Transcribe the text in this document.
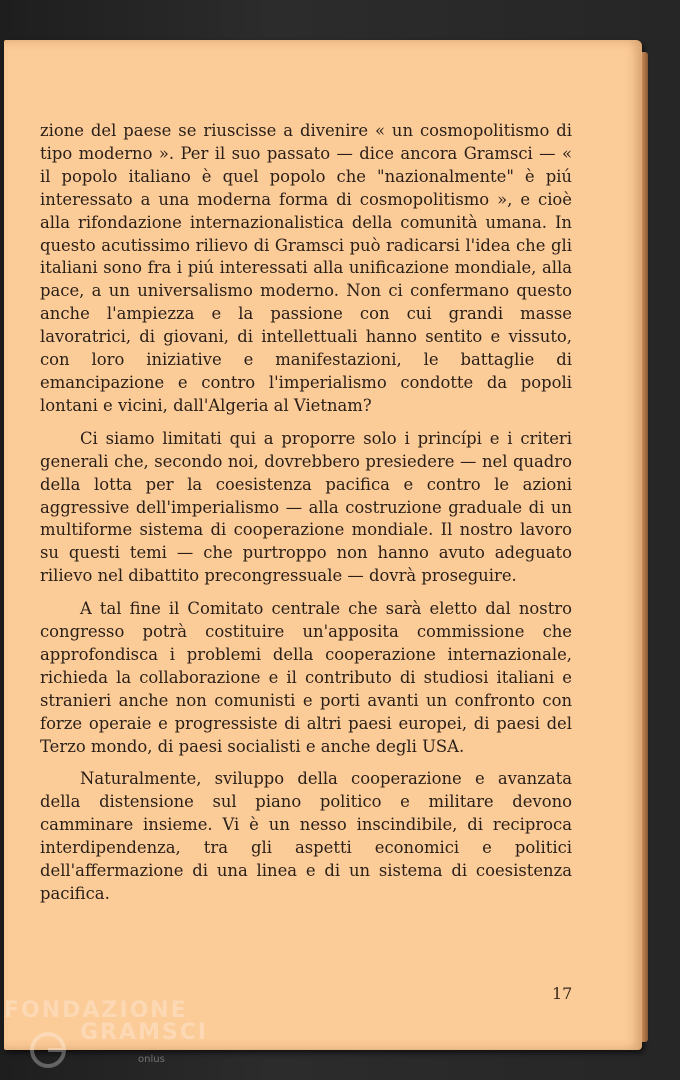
zione del paese se riuscisse a divenire « un cosmopolitismo di tipo moderno ». Per il suo passato — dice ancora Gramsci — « il popolo italiano è quel popolo che "nazionalmente" è piú interessato a una moderna forma di cosmopolitismo », e cioè alla rifondazione internazionalistica della comunità umana. In questo acutissimo rilievo di Gramsci può radicarsi l'idea che gli italiani sono fra i piú interessati alla unificazione mondiale, alla pace, a un universalismo moderno. Non ci confermano questo anche l'ampiezza e la passione con cui grandi masse lavoratrici, di giovani, di intellettuali hanno sentito e vissuto, con loro iniziative e manifestazioni, le battaglie di emancipazione e contro l'imperialismo condotte da popoli lontani e vicini, dall'Algeria al Vietnam?

Ci siamo limitati qui a proporre solo i princípi e i criteri generali che, secondo noi, dovrebbero presiedere — nel quadro della lotta per la coesistenza pacifica e contro le azioni aggressive dell'imperialismo — alla costruzione graduale di un multiforme sistema di cooperazione mondiale. Il nostro lavoro su questi temi — che purtroppo non hanno avuto adeguato rilievo nel dibattito precongressuale — dovrà proseguire.

A tal fine il Comitato centrale che sarà eletto dal nostro congresso potrà costituire un'apposita commissione che approfondisca i problemi della cooperazione internazionale, richieda la collaborazione e il contributo di studiosi italiani e stranieri anche non comunisti e porti avanti un confronto con forze operaie e progressiste di altri paesi europei, di paesi del Terzo mondo, di paesi socialisti e anche degli USA.

Naturalmente, sviluppo della cooperazione e avanzata della distensione sul piano politico e militare devono camminare insieme. Vi è un nesso inscindibile, di reciproca interdipendenza, tra gli aspetti economici e politici dell'affermazione di una linea e di un sistema di coesistenza pacifica.

17
FONDAZIONE
GRAMSCI
onlus
